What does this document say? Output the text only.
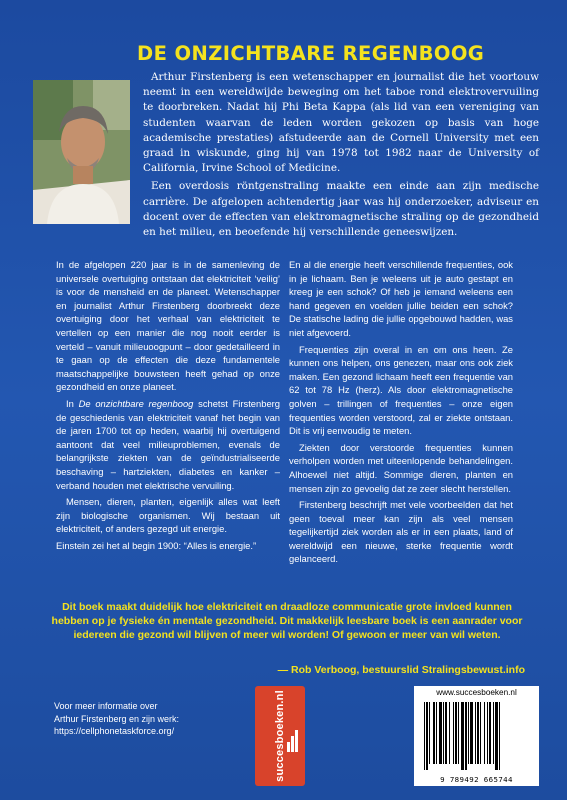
DE ONZICHTBARE REGENBOOG

Arthur Firstenberg is een wetenschapper en journalist die het voortouw neemt in een wereldwijde beweging om het taboe rond elektrovervuiling te doorbreken. Nadat hij Phi Beta Kappa (als lid van een vereniging van studenten waarvan de leden worden gekozen op basis van hoge academische prestaties) afstudeerde aan de Cornell University met een graad in wiskunde, ging hij van 1978 tot 1982 naar de University of California, Irvine School of Medicine.

Een overdosis röntgenstraling maakte een einde aan zijn medische carrière. De afgelopen achtendertig jaar was hij onderzoeker, adviseur en docent over de effecten van elektromagnetische straling op de gezondheid en het milieu, en beoefende hij verschillende geneeswijzen.

In de afgelopen 220 jaar is in de samenleving de universele overtuiging ontstaan dat elektriciteit ‘veilig’ is voor de mensheid en de planeet. Wetenschapper en journalist Arthur Firstenberg doorbreekt deze overtuiging door het verhaal van elektriciteit te vertellen op een manier die nog nooit eerder is verteld – vanuit milieuoogpunt – door gedetailleerd in te gaan op de effecten die deze fundamentele maatschappelijke bouwsteen heeft gehad op onze gezondheid en onze planeet.

In De onzichtbare regenboog schetst Firstenberg de geschiedenis van elektriciteit vanaf het begin van de jaren 1700 tot op heden, waarbij hij overtuigend aantoont dat veel milieuproblemen, evenals de belangrijkste ziekten van de geïndustrialiseerde beschaving – hartziekten, diabetes en kanker – verband houden met elektrische vervuiling.

Mensen, dieren, planten, eigenlijk alles wat leeft zijn biologische organismen. Wij bestaan uit elektriciteit, of anders gezegd uit energie.

Einstein zei het al begin 1900: “Alles is energie.”

En al die energie heeft verschillende frequenties, ook in je lichaam. Ben je weleens uit je auto gestapt en kreeg je een schok? Of heb je iemand weleens een hand gegeven en voelden jullie beiden een schok? De statische lading die jullie opgebouwd hadden, was niet afgevoerd.

Frequenties zijn overal in en om ons heen. Ze kunnen ons helpen, ons genezen, maar ons ook ziek maken. Een gezond lichaam heeft een frequentie van 62 tot 78 Hz (herz). Als door elektromagnetische golven – trillingen of frequenties – onze eigen frequenties worden verstoord, zal er ziekte ontstaan. Dit is vrij eenvoudig te meten.

Ziekten door verstoorde frequenties kunnen verholpen worden met uiteenlopende behandelingen. Alhoewel niet altijd. Sommige dieren, planten en mensen zijn zo gevoelig dat ze zeer slecht herstellen.

Firstenberg beschrijft met vele voorbeelden dat het geen toeval meer kan zijn als veel mensen tegelijkertijd ziek worden als er in een plaats, land of wereldwijd een nieuwe, sterke frequentie wordt gelanceerd.

Dit boek maakt duidelijk hoe elektriciteit en draadloze communicatie grote invloed kunnen hebben op je fysieke én mentale gezondheid. Dit makkelijk leesbare boek is een aanrader voor iedereen die gezond wil blijven of meer wil worden! Of gewoon er meer van wil weten.
— Rob Verboog, bestuurslid Stralingsbewust.info
Voor meer informatie over
Arthur Firstenberg en zijn werk:
https://cellphonetaskforce.org/	succesboeken.nl	www.succesboeken.nl
9 789492 665744
